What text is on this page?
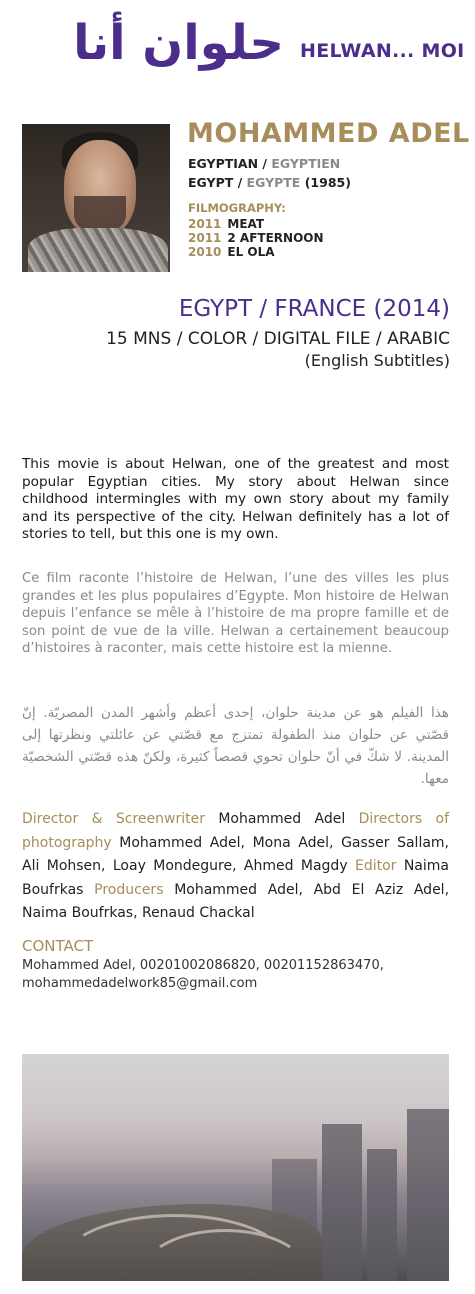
حلوان أنا HELWAN... MOI
MOHAMMED ADEL
EGYPTIAN / EGYPTIEN
EGYPT / EGYPTE (1985)
FILMOGRAPHY:
2011 MEAT
2011 2 AFTERNOON
2010 EL OLA
EGYPT / FRANCE (2014)
15 MNS / COLOR / DIGITAL FILE / ARABIC
(English Subtitles)
This movie is about Helwan, one of the greatest and most popular Egyptian cities. My story about Helwan since childhood intermingles with my own story about my family and its perspective of the city. Helwan definitely has a lot of stories to tell, but this one is my own.
Ce film raconte l’histoire de Helwan, l’une des villes les plus grandes et les plus populaires d’Egypte. Mon histoire de Helwan depuis l’enfance se mêle à l’histoire de ma propre famille et de son point de vue de la ville. Helwan a certainement beaucoup d’histoires à raconter, mais cette histoire est la mienne.
هذا الفيلم هو عن مدينة حلوان، إحدى أعظم وأشهر المدن المصريّة. إنّ قصّتي عن حلوان منذ الطفولة تمتزج مع قصّتي عن عائلتي ونظرتها إلى المدينة. لا شكّ في أنّ حلوان تحوي قصصاً كثيرة، ولكنّ هذه قصّتي الشخصيّة معها.
Director & Screenwriter Mohammed Adel Directors of photography Mohammed Adel, Mona Adel, Gasser Sallam, Ali Mohsen, Loay Mondegure, Ahmed Magdy Editor Naima Boufrkas Producers Mohammed Adel, Abd El Aziz Adel, Naima Boufrkas, Renaud Chackal
CONTACT
Mohammed Adel, 00201002086820, 00201152863470,
mohammedadelwork85@gmail.com
